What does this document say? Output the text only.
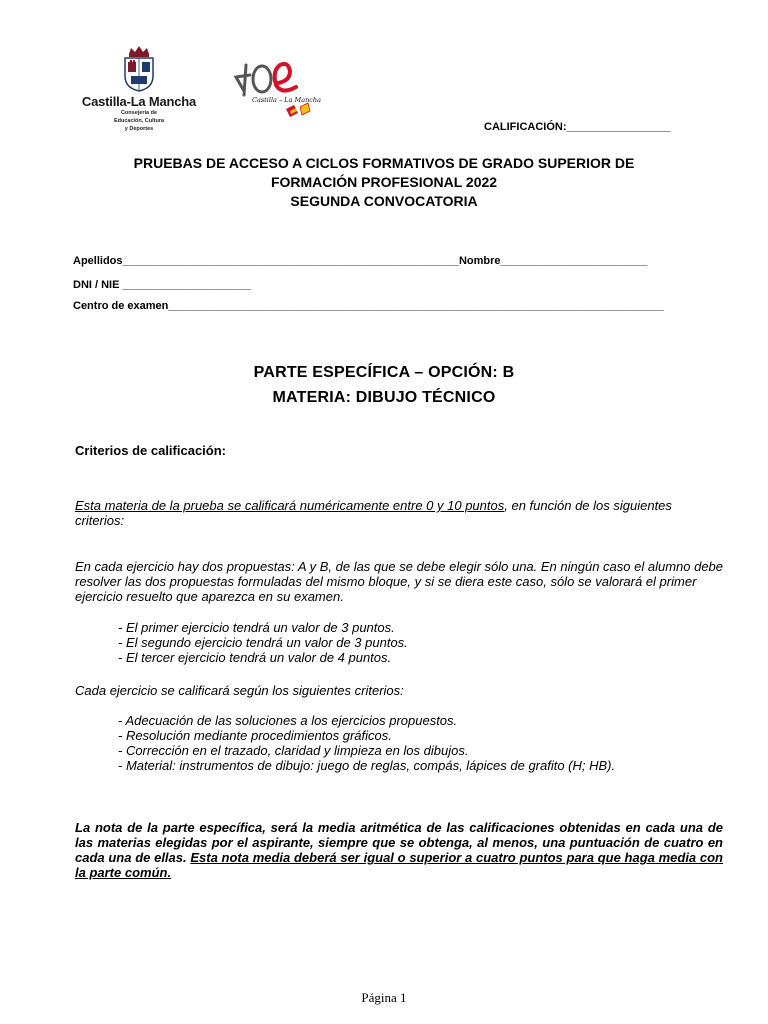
Castilla-La Mancha
Consejería de
Educación, Cultura
y Deportes
Castilla – La Mancha
CALIFICACIÓN:_________________
PRUEBAS DE ACCESO A CICLOS FORMATIVOS DE GRADO SUPERIOR DE
FORMACIÓN PROFESIONAL 2022
SEGUNDA CONVOCATORIA
Apellidos_______________________________________________________Nombre________________________
DNI / NIE _____________________
Centro de examen_________________________________________________________________________________
PARTE ESPECÍFICA – OPCIÓN: B
MATERIA: DIBUJO TÉCNICO
Criterios de calificación:
Esta materia de la prueba se calificará numéricamente entre 0 y 10 puntos, en función de los siguientes criterios:
En cada ejercicio hay dos propuestas: A y B, de las que se debe elegir sólo una. En ningún caso el alumno debe resolver las dos propuestas formuladas del mismo bloque, y si se diera este caso, sólo se valorará el primer ejercicio resuelto que aparezca en su examen.
- El primer ejercicio tendrá un valor de 3 puntos.
- El segundo ejercicio tendrá un valor de 3 puntos.
- El tercer ejercicio tendrá un valor de 4 puntos.
Cada ejercicio se calificará según los siguientes criterios:
- Adecuación de las soluciones a los ejercicios propuestos.
- Resolución mediante procedimientos gráficos.
- Corrección en el trazado, claridad y limpieza en los dibujos.
- Material: instrumentos de dibujo: juego de reglas, compás, lápices de grafito (H; HB).
La nota de la parte específica, será la media aritmética de las calificaciones obtenidas en cada una de las materias elegidas por el aspirante, siempre que se obtenga, al menos, una puntuación de cuatro en cada una de ellas. Esta nota media deberá ser igual o superior a cuatro puntos para que haga media con la parte común.
Página 1
